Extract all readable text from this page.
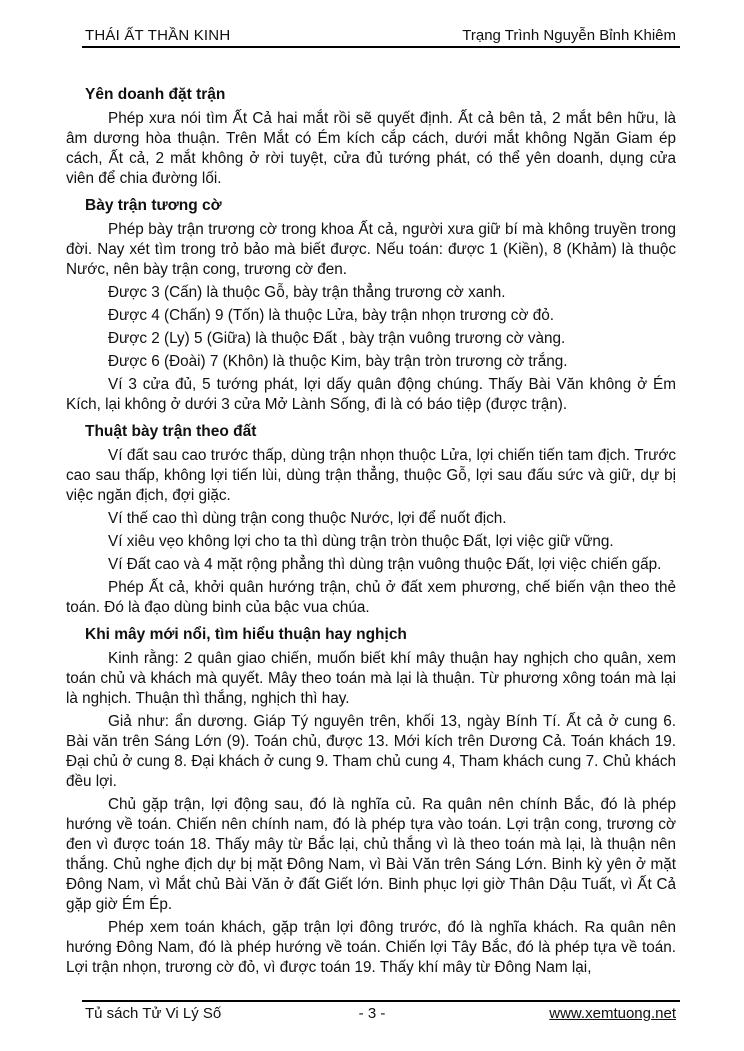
THÁI ẤT THẦN KINH	Trạng Trình Nguyễn Bỉnh Khiêm
Yên doanh đặt trận

Phép xưa nói tìm Ất Cả hai mắt rồi sẽ quyết định. Ất cả bên tả, 2 mắt bên hữu, là âm dương hòa thuận. Trên Mắt có Ém kích cắp cách, dưới mắt không Ngăn Giam ép cách, Ất cả, 2 mắt không ở rời tuyệt, cửa đủ tướng phát, có thể yên doanh, dụng cửa viên để chia đường lối.

Bày trận tương cờ

Phép bày trận trương cờ trong khoa Ất cả, người xưa giữ bí mà không truyền trong đời. Nay xét tìm trong trỏ bảo mà biết được. Nếu toán: được 1 (Kiền), 8 (Khảm) là thuộc Nước, nên bày trận cong, trương cờ đen.

Được 3 (Cấn) là thuộc Gỗ, bày trận thẳng trương cờ xanh.

Được 4 (Chấn) 9 (Tốn) là thuộc Lửa, bày trận nhọn trương cờ đỏ.

Được 2 (Ly) 5 (Giữa) là thuộc Đất , bày trận vuông trương cờ vàng.

Được 6 (Đoài) 7 (Khôn) là thuộc Kim, bày trận tròn trương cờ trắng.

Ví 3 cửa đủ, 5 tướng phát, lợi dấy quân động chúng. Thấy Bài Văn không ở Ém Kích, lại không ở dưới 3 cửa Mở Lành Sống, đi là có báo tiệp (được trận).

Thuật bày trận theo đất

Ví đất sau cao trước thấp, dùng trận nhọn thuộc Lửa, lợi chiến tiến tam địch. Trước cao sau thấp, không lợi tiến lùi, dùng trận thẳng, thuộc Gỗ, lợi sau đấu sức và giữ, dự bị việc ngăn địch, đợi giặc.

Ví thế cao thì dùng trận cong thuộc Nước, lợi để nuốt địch.

Ví xiêu vẹo không lợi cho ta thì dùng trận tròn thuộc Đất, lợi việc giữ vững.

Ví Đất cao và 4 mặt rộng phẳng thì dùng trận vuông thuộc Đất, lợi việc chiến gấp.

Phép Ất cả, khởi quân hướng trận, chủ ở đất xem phương, chế biến vận theo thẻ toán. Đó là đạo dùng binh của bậc vua chúa.

Khi mây mới nổi, tìm hiểu thuận hay nghịch

Kinh rằng: 2 quân giao chiến, muốn biết khí mây thuận hay nghịch cho quân, xem toán chủ và khách mà quyết. Mây theo toán mà lại là thuận. Từ phương xông toán mà lại là nghịch. Thuận thì thắng, nghịch thì hay.

Giả như: ẩn dương. Giáp Tý nguyên trên, khối 13, ngày Bính Tí. Ất cả ở cung 6. Bài văn trên Sáng Lớn (9). Toán chủ, được 13. Mới kích trên Dương Cả. Toán khách 19. Đại chủ ở cung 8. Đại khách ở cung 9. Tham chủ cung 4, Tham khách cung 7. Chủ khách đều lợi.

Chủ gặp trận, lợi động sau, đó là nghĩa củ. Ra quân nên chính Bắc, đó là phép hướng về toán. Chiến nên chính nam, đó là phép tựa vào toán. Lợi trận cong, trương cờ đen vì được toán 18. Thấy mây từ Bắc lại, chủ thắng vì là theo toán mà lại, là thuận nên thắng. Chủ nghe địch dự bị mặt Đông Nam, vì Bài Văn trên Sáng Lớn. Binh kỳ yên ở mặt Đông Nam, vì Mắt chủ Bài Văn ở đất Giết lớn. Binh phục lợi giờ Thân Dậu Tuất, vì Ất Cả gặp giờ Ém Ép.

Phép xem toán khách, gặp trận lợi đông trước, đó là nghĩa khách. Ra quân nên hướng Đông Nam, đó là phép hướng về toán. Chiến lợi Tây Bắc, đó là phép tựa về toán. Lợi trận nhọn, trương cờ đỏ, vì được toán 19. Thấy khí mây từ Đông Nam lại,

Tủ sách Tử Vi Lý Số	- 3 -	www.xemtuong.net
